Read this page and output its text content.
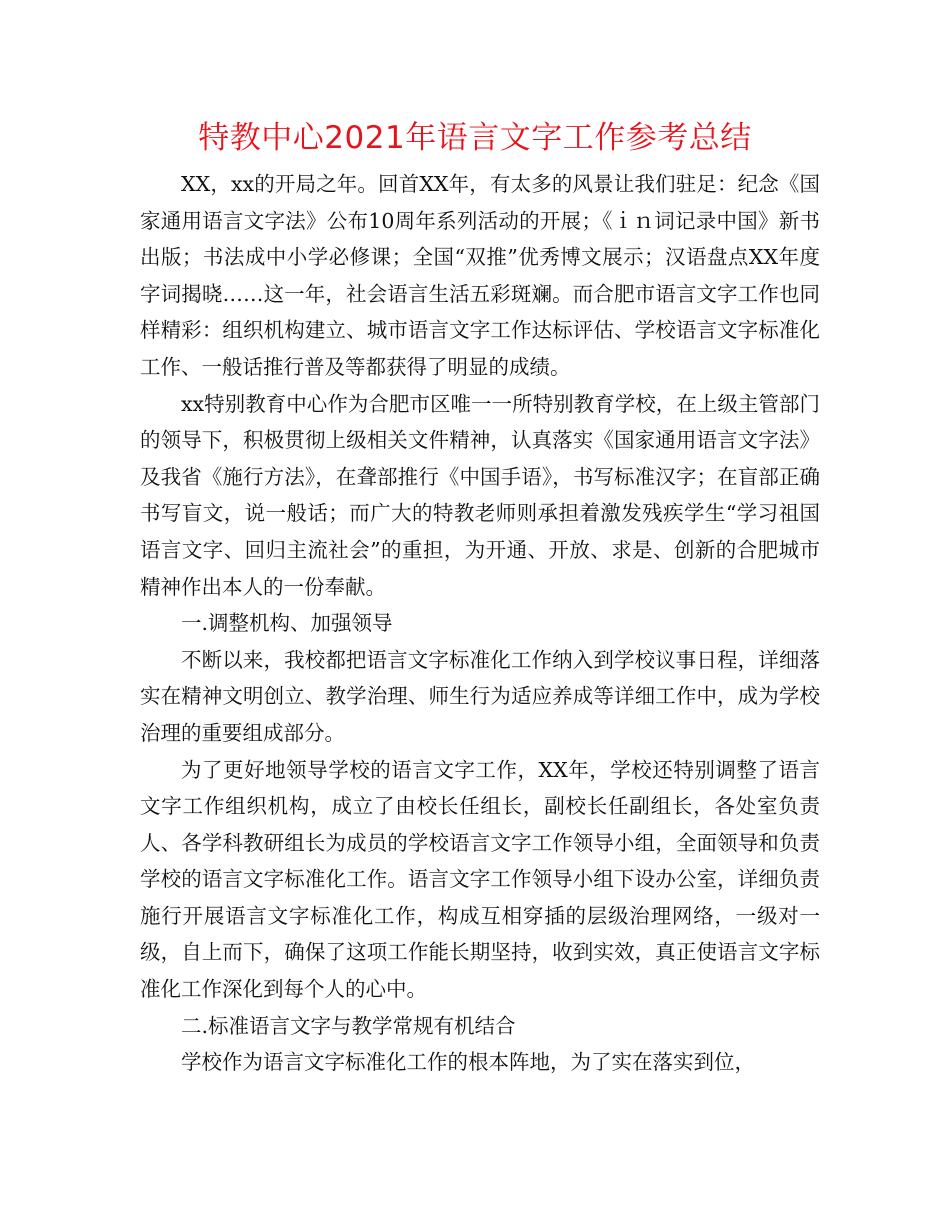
特教中心2021年语言文字工作参考总结

XX，xx的开局之年。回首XX年，有太多的风景让我们驻足：纪念《国家通用语言文字法》公布10周年系列活动的开展；《ｉｎ词记录中国》新书出版；书法成中小学必修课；全国“双推”优秀博文展示；汉语盘点XX年度字词揭晓……这一年，社会语言生活五彩斑斓。而合肥市语言文字工作也同样精彩：组织机构建立、城市语言文字工作达标评估、学校语言文字标准化工作、一般话推行普及等都获得了明显的成绩。

xx特别教育中心作为合肥市区唯一一所特别教育学校，在上级主管部门的领导下，积极贯彻上级相关文件精神，认真落实《国家通用语言文字法》及我省《施行方法》，在聋部推行《中国手语》，书写标准汉字；在盲部正确书写盲文，说一般话；而广大的特教老师则承担着激发残疾学生“学习祖国语言文字、回归主流社会”的重担，为开通、开放、求是、创新的合肥城市精神作出本人的一份奉献。

一.调整机构、加强领导

不断以来，我校都把语言文字标准化工作纳入到学校议事日程，详细落实在精神文明创立、教学治理、师生行为适应养成等详细工作中，成为学校治理的重要组成部分。

为了更好地领导学校的语言文字工作，XX年，学校还特别调整了语言文字工作组织机构，成立了由校长任组长，副校长任副组长，各处室负责人、各学科教研组长为成员的学校语言文字工作领导小组，全面领导和负责学校的语言文字标准化工作。语言文字工作领导小组下设办公室，详细负责施行开展语言文字标准化工作，构成互相穿插的层级治理网络，一级对一级，自上而下，确保了这项工作能长期坚持，收到实效，真正使语言文字标准化工作深化到每个人的心中。

二.标准语言文字与教学常规有机结合

学校作为语言文字标准化工作的根本阵地，为了实在落实到位，
